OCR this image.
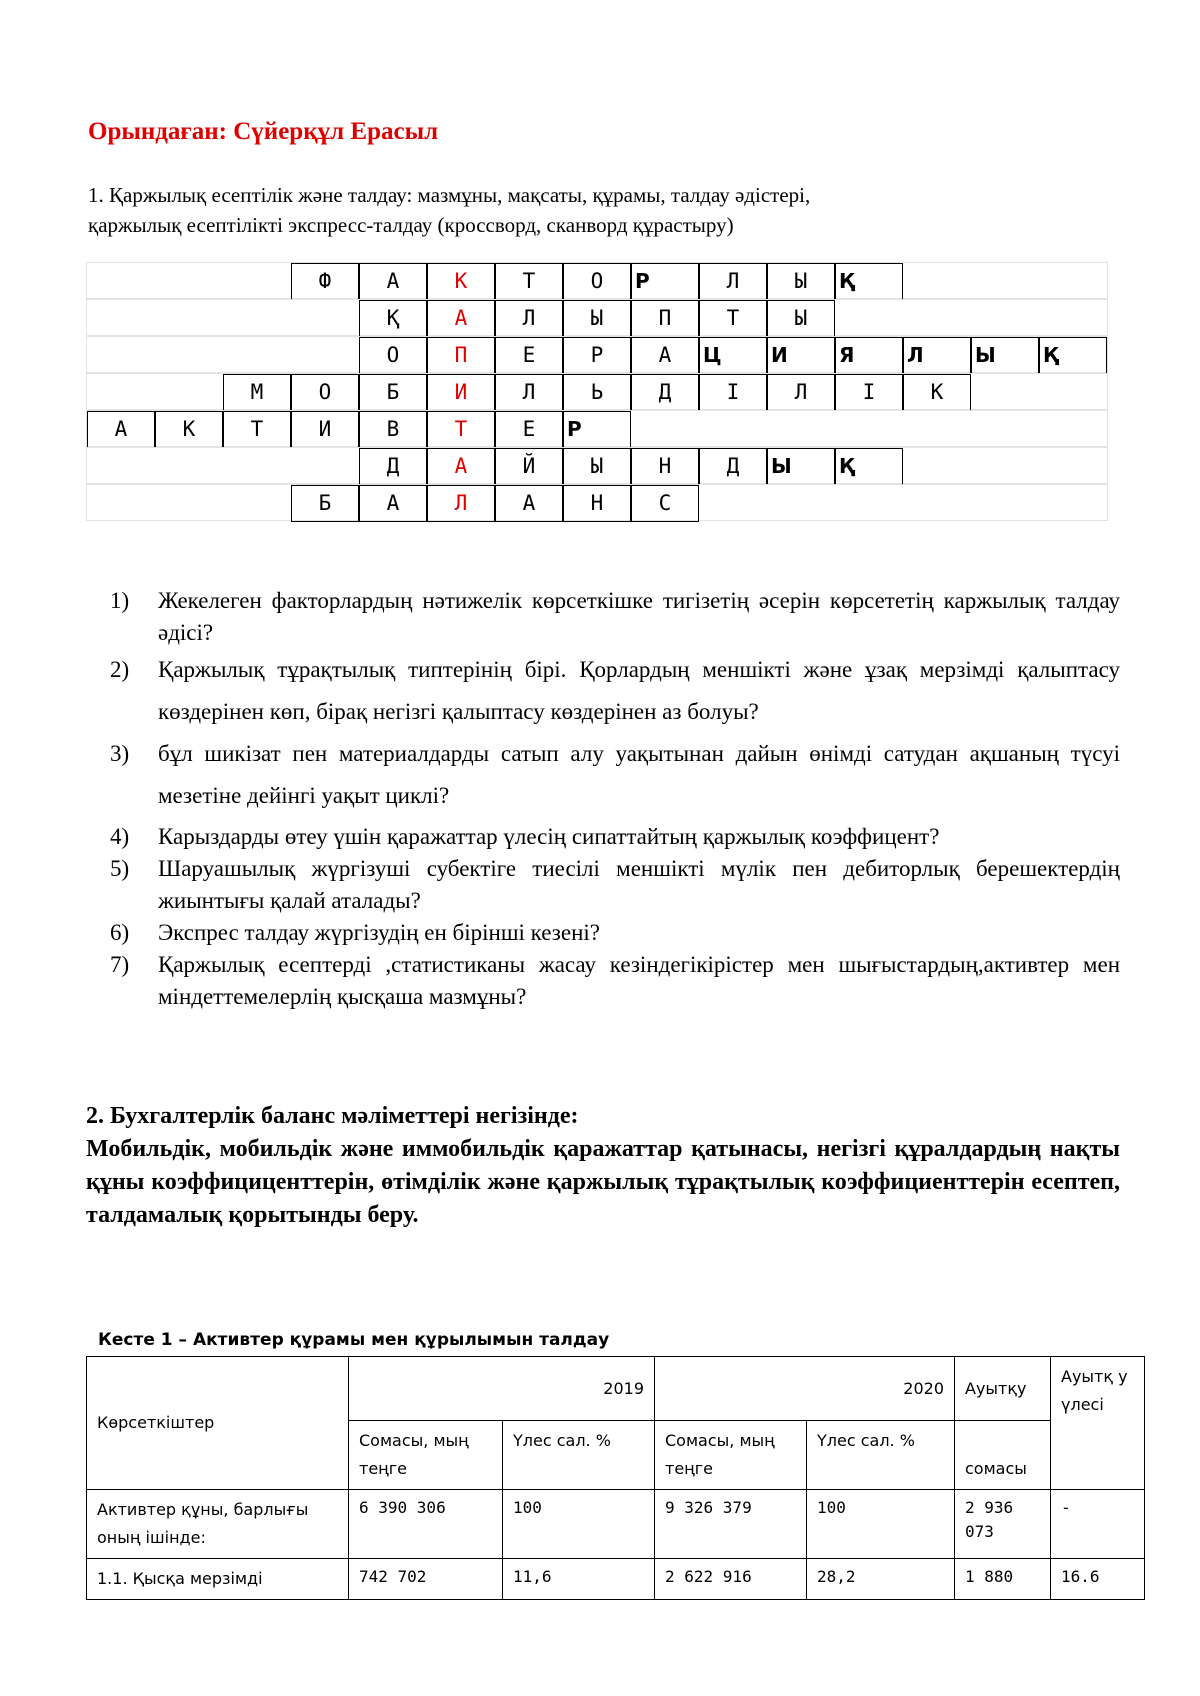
Орындаған: Сүйерқұл Ерасыл
1. Қаржылық есептілік және талдау: мазмұны, мақсаты, құрамы, талдау әдістері,
қаржылық есептілікті экспресс-талдау (кроссворд, сканворд құрастыру)
Ф	А	К	Т	О	Р	Л	Ы	Қ
Қ	А	Л	Ы	П	Т	Ы
О	П	Е	Р	А	Ц	И	Я	Л	Ы	Қ
М	О	Б	И	Л	Ь	Д	І	Л	І	К
А	К	Т	И	В	Т	Е	Р
Д	А	Й	Ы	Н	Д	Ы	Қ
Б	А	Л	А	Н	С
1) Жекелеген факторлардың нәтижелік көрсеткішке тигізетің әсерін көрсететің каржылық талдау әдісі?
2) Қаржылық тұрақтылық типтерінің бірі. Қорлардың меншікті және ұзақ мерзімді қалыптасу көздерінен көп, бірақ негізгі қалыптасу көздерінен аз болуы?
3) бұл шикізат пен материалдарды сатып алу уақытынан дайын өнімді сатудан ақшаның түсуі мезетіне дейінгі уақыт циклі?
4) Карыздарды өтеу үшін қаражаттар үлесің сипаттайтың қаржылық коэффицент?
5) Шаруашылық жүргізуші субектіге тиесілі меншікті мүлік пен дебиторлық берешектердің жиынтығы қалай аталады?
6) Экспрес талдау жүргізудің ен бірінші кезені?
7) Қаржылық есептерді ,статистиканы жасау кезіндегікірістер мен шығыстардың,активтер мен міндеттемелерлің қысқаша мазмұны?
2. Бухгалтерлік баланс мәліметтері негізінде:
Мобильдік, мобильдік және иммобильдік қаражаттар қатынасы, негізгі құралдардың нақты құны коэффициценттерін, өтімділік және қаржылық тұрақтылық коэффициенттерін есептеп, талдамалық қорытынды беру.
Кесте 1 – Активтер құрамы мен құрылымын талдау
Көрсеткіштер	2019		2020		Ауытқу	Ауытқ у үлесі
	Сомасы, мың теңге	Үлес сал. %	Сомасы, мың теңге	Үлес сал. %	сомасы	
Активтер құны, барлығы оның ішінде:	6 390 306	100	9 326 379	100	2 936 073	-
1.1. Қысқа мерзімді	742 702	11,6	2 622 916	28,2	1 880	16.6
